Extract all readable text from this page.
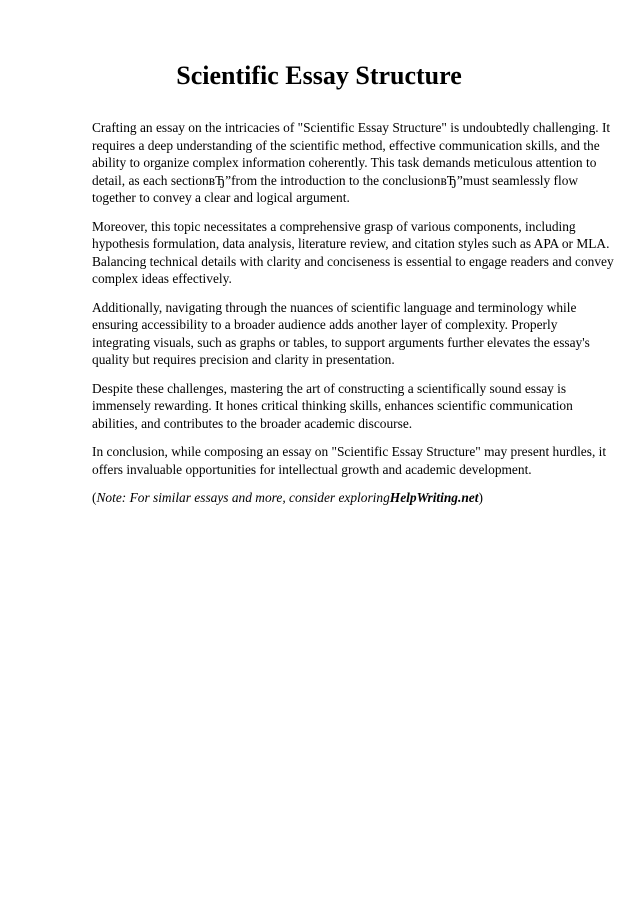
Scientific Essay Structure

Crafting an essay on the intricacies of "Scientific Essay Structure" is undoubtedly challenging. It
requires a deep understanding of the scientific method, effective communication skills, and the
ability to organize complex information coherently. This task demands meticulous attention to
detail, as each sectionвЂ”from the introduction to the conclusionвЂ”must seamlessly flow
together to convey a clear and logical argument.

Moreover, this topic necessitates a comprehensive grasp of various components, including
hypothesis formulation, data analysis, literature review, and citation styles such as APA or MLA.
Balancing technical details with clarity and conciseness is essential to engage readers and convey
complex ideas effectively.

Additionally, navigating through the nuances of scientific language and terminology while
ensuring accessibility to a broader audience adds another layer of complexity. Properly
integrating visuals, such as graphs or tables, to support arguments further elevates the essay's
quality but requires precision and clarity in presentation.

Despite these challenges, mastering the art of constructing a scientifically sound essay is
immensely rewarding. It hones critical thinking skills, enhances scientific communication
abilities, and contributes to the broader academic discourse.

In conclusion, while composing an essay on "Scientific Essay Structure" may present hurdles, it
offers invaluable opportunities for intellectual growth and academic development.

(Note: For similar essays and more, consider exploringHelpWriting.net)
